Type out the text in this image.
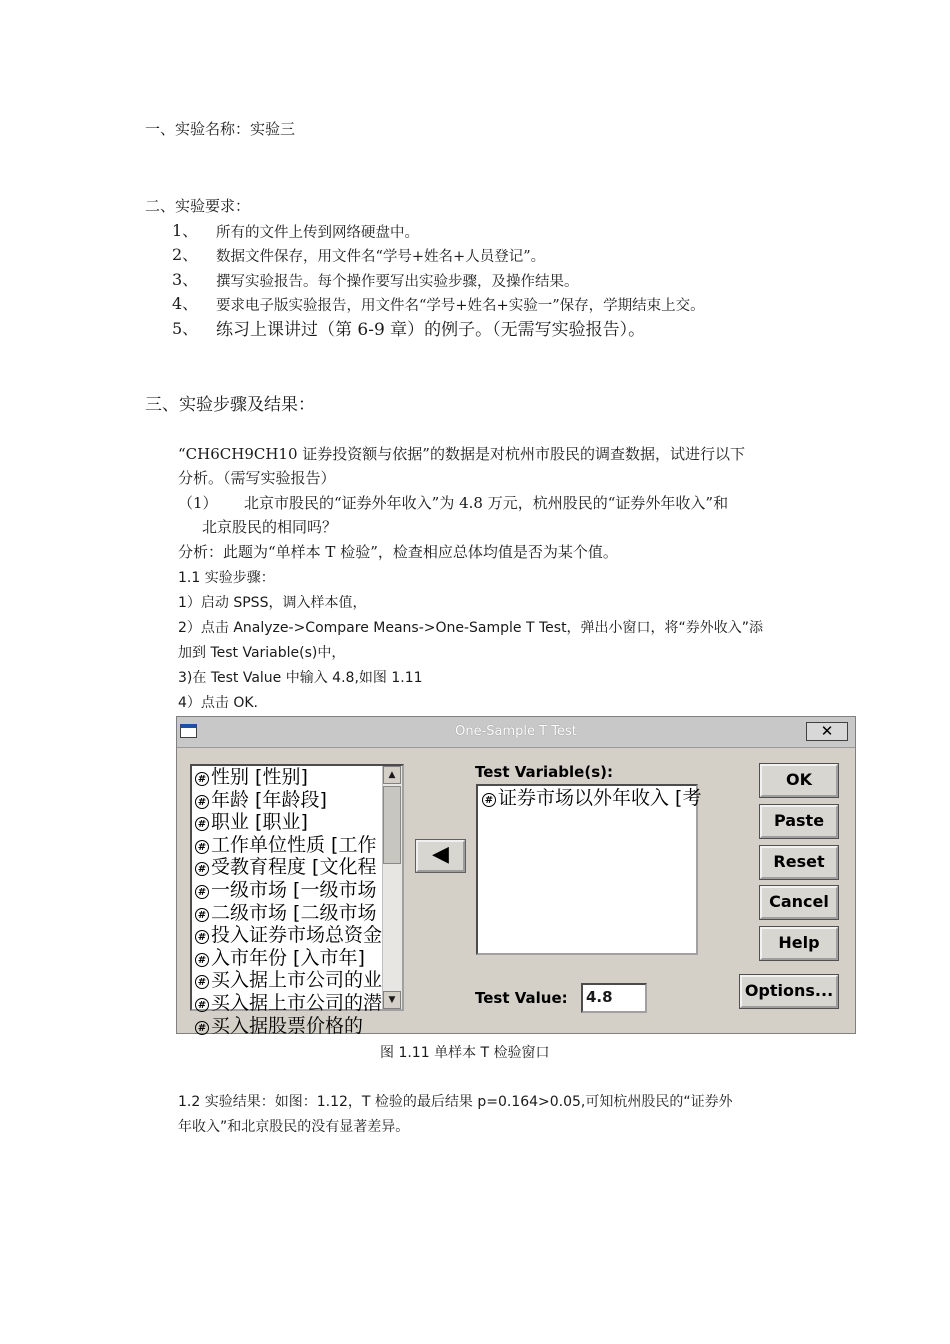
一、实验名称：实验三
二、实验要求：
1、 所有的文件上传到网络硬盘中。
2、 数据文件保存，用文件名“学号+姓名+人员登记”。
3、 撰写实验报告。每个操作要写出实验步骤，及操作结果。
4、 要求电子版实验报告，用文件名“学号+姓名+实验一”保存，学期结束上交。
5、 练习上课讲过（第 6-9 章）的例子。（无需写实验报告）。
三、实验步骤及结果：
“CH6CH9CH10 证券投资额与依据”的数据是对杭州市股民的调查数据，试进行以下
分析。（需写实验报告）
（1） 北京市股民的“证券外年收入”为 4.8 万元，杭州股民的“证券外年收入”和
北京股民的相同吗？
分析：此题为“单样本 T 检验”，检查相应总体均值是否为某个值。
1.1 实验步骤：
1）启动 SPSS，调入样本值，
2）点击 Analyze->Compare Means->One-Sample T Test，弹出小窗口，将“券外收入”添
加到 Test Variable(s)中，
3)在 Test Value 中输入 4.8,如图 1.11
4）点击 OK.
One-Sample T Test	✕
# 性别 [性别]
# 年龄 [年龄段]
# 职业 [职业]
# 工作单位性质 [工作
# 受教育程度 [文化程
# 一级市场 [一级市场
# 二级市场 [二级市场
# 投入证券市场总资金
# 入市年份 [入市年]
# 买入据上市公司的业
# 买入据上市公司的潜
# 买入据股票价格的
▲
▼
◀
Test Variable(s):
# 证券市场以外年收入 [考
Test Value:	4.8
OK
Paste
Reset
Cancel
Help
Options...
图 1.11 单样本 T 检验窗口
1.2 实验结果：如图：1.12，T 检验的最后结果 p=0.164>0.05,可知杭州股民的“证券外
年收入”和北京股民的没有显著差异。
